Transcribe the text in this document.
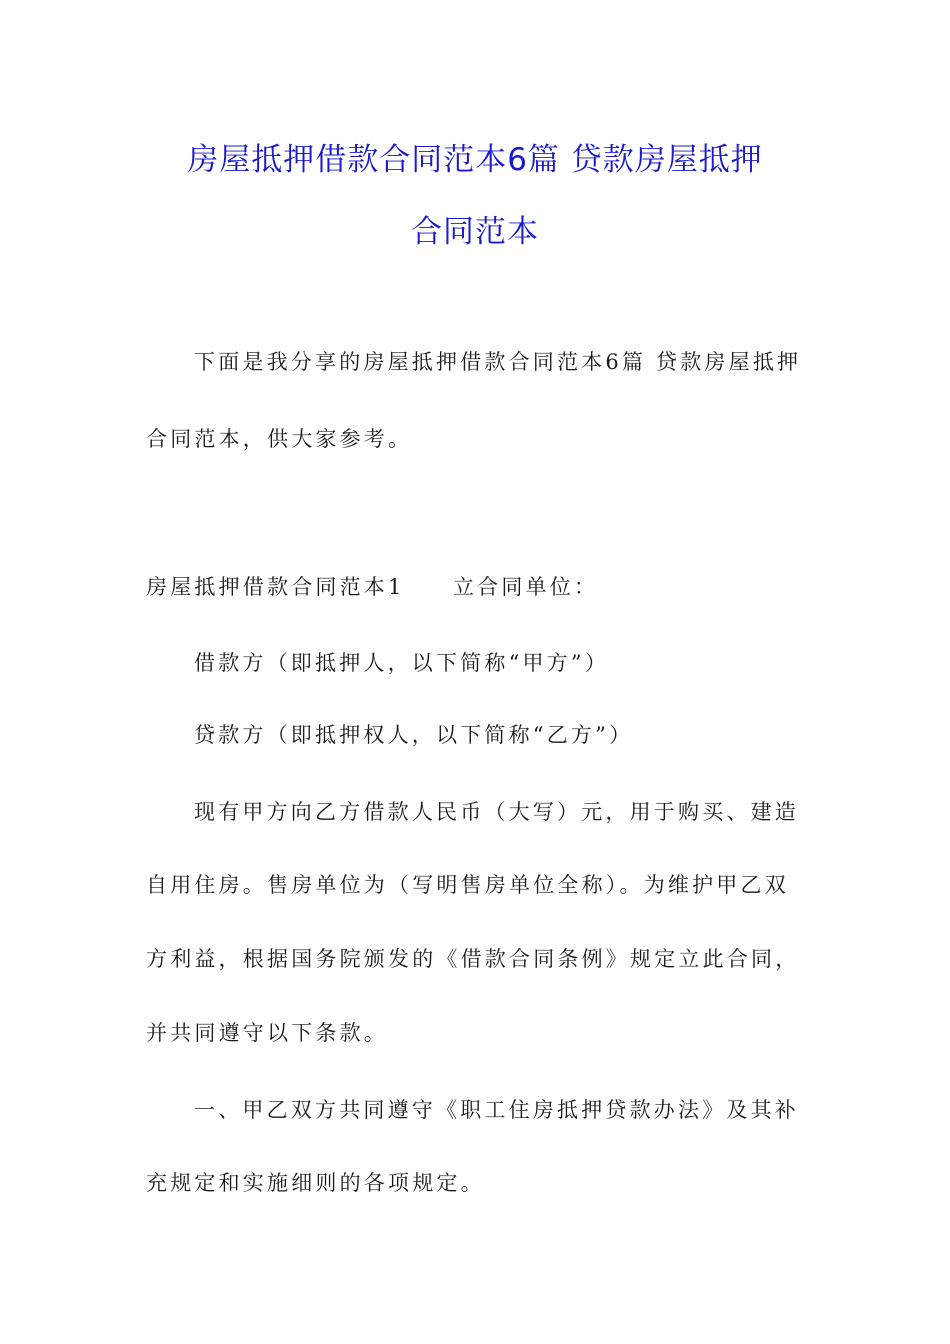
房屋抵押借款合同范本6篇 贷款房屋抵押
合同范本

下面是我分享的房屋抵押借款合同范本6篇 贷款房屋抵押

合同范本，供大家参考。

房屋抵押借款合同范本1　　立合同单位：

借款方（即抵押人，以下简称“甲方”）

贷款方（即抵押权人，以下简称“乙方”）

现有甲方向乙方借款人民币（大写）元，用于购买、建造

自用住房。售房单位为（写明售房单位全称）。为维护甲乙双

方利益，根据国务院颁发的《借款合同条例》规定立此合同，

并共同遵守以下条款。

一、甲乙双方共同遵守《职工住房抵押贷款办法》及其补

充规定和实施细则的各项规定。
